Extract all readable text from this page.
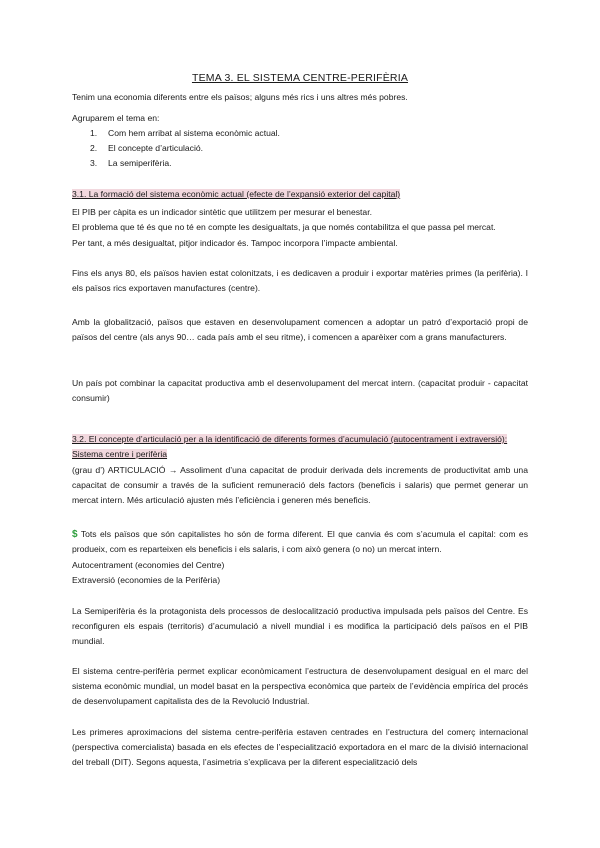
TEMA 3. EL SISTEMA CENTRE-PERIFÈRIA
Tenim una economia diferents entre els països; alguns més rics i uns altres més pobres.
Agruparem el tema en:
1. Com hem arribat al sistema econòmic actual.
2. El concepte d’articulació.
3. La semiperifèria.
3.1. La formació del sistema econòmic actual (efecte de l’expansió exterior del capital)
El PIB per càpita es un indicador sintètic que utilitzem per mesurar el benestar.
El problema que té és que no té en compte les desigualtats, ja que només contabilitza el que passa pel mercat.
Per tant, a més desigualtat, pitjor indicador és. Tampoc incorpora l’impacte ambiental.
Fins els anys 80, els països havien estat colonitzats, i es dedicaven a produir i exportar matèries primes (la perifèria). I els països rics exportaven manufactures (centre).
Amb la globalització, països que estaven en desenvolupament comencen a adoptar un patró d’exportació propi de països del centre (als anys 90… cada país amb el seu ritme), i comencen a aparèixer com a grans manufacturers.
Un país pot combinar la capacitat productiva amb el desenvolupament del mercat intern. (capacitat produir - capacitat consumir)
3.2. El concepte d’articulació per a la identificació de diferents formes d’acumulació (autocentrament i extraversió): Sistema centre i perifèria
(grau d’) ARTICULACIÓ → Assoliment d’una capacitat de produir derivada dels increments de productivitat amb una capacitat de consumir a través de la suficient remuneració dels factors (beneficis i salaris) que permet generar un mercat intern. Més articulació ajusten més l’eficiència i generen més beneficis.
$ Tots els països que són capitalistes ho són de forma diferent. El que canvia és com s’acumula el capital: com es produeix, com es reparteixen els beneficis i els salaris, i com això genera (o no) un mercat intern.
Autocentrament (economies del Centre)
Extraversió (economies de la Perifèria)
La Semiperifèria és la protagonista dels processos de deslocalització productiva impulsada pels països del Centre. Es reconfiguren els espais (territoris) d’acumulació a nivell mundial i es modifica la participació dels països en el PIB mundial.
El sistema centre-perifèria permet explicar econòmicament l’estructura de desenvolupament desigual en el marc del sistema econòmic mundial, un model basat en la perspectiva econòmica que parteix de l’evidència empírica del procés de desenvolupament capitalista des de la Revolució Industrial.
Les primeres aproximacions del sistema centre-perifèria estaven centrades en l’estructura del comerç internacional (perspectiva comercialista) basada en els efectes de l’especialització exportadora en el marc de la divisió internacional del treball (DIT). Segons aquesta, l’asimetria s’explicava per la diferent especialització dels
